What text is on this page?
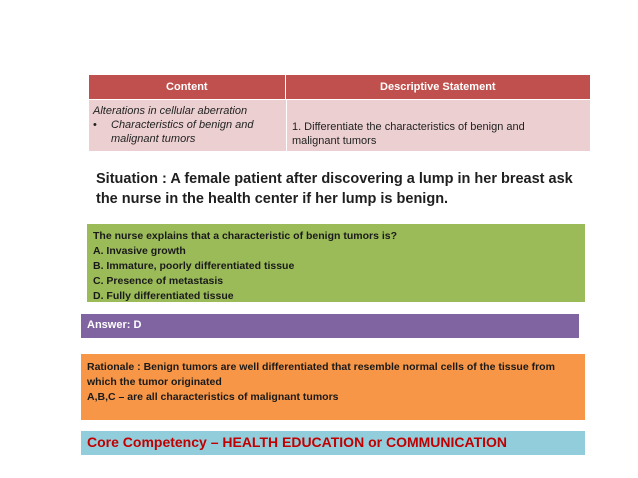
Content	Descriptive Statement
Alterations in cellular aberration
•	Characteristics of benign and
malignant tumors
1. Differentiate the characteristics of benign and
malignant tumors
Situation : A female patient after discovering a lump in her breast ask
the nurse in the health center if her lump is benign.
The nurse explains that a characteristic of benign tumors is?
A. Invasive growth
B. Immature, poorly differentiated tissue
C. Presence of metastasis
D. Fully differentiated tissue
Answer: D
Rationale : Benign tumors are well differentiated that resemble normal cells of the tissue from
which the tumor originated
A,B,C – are all characteristics of malignant tumors
Core Competency – HEALTH EDUCATION or COMMUNICATION
